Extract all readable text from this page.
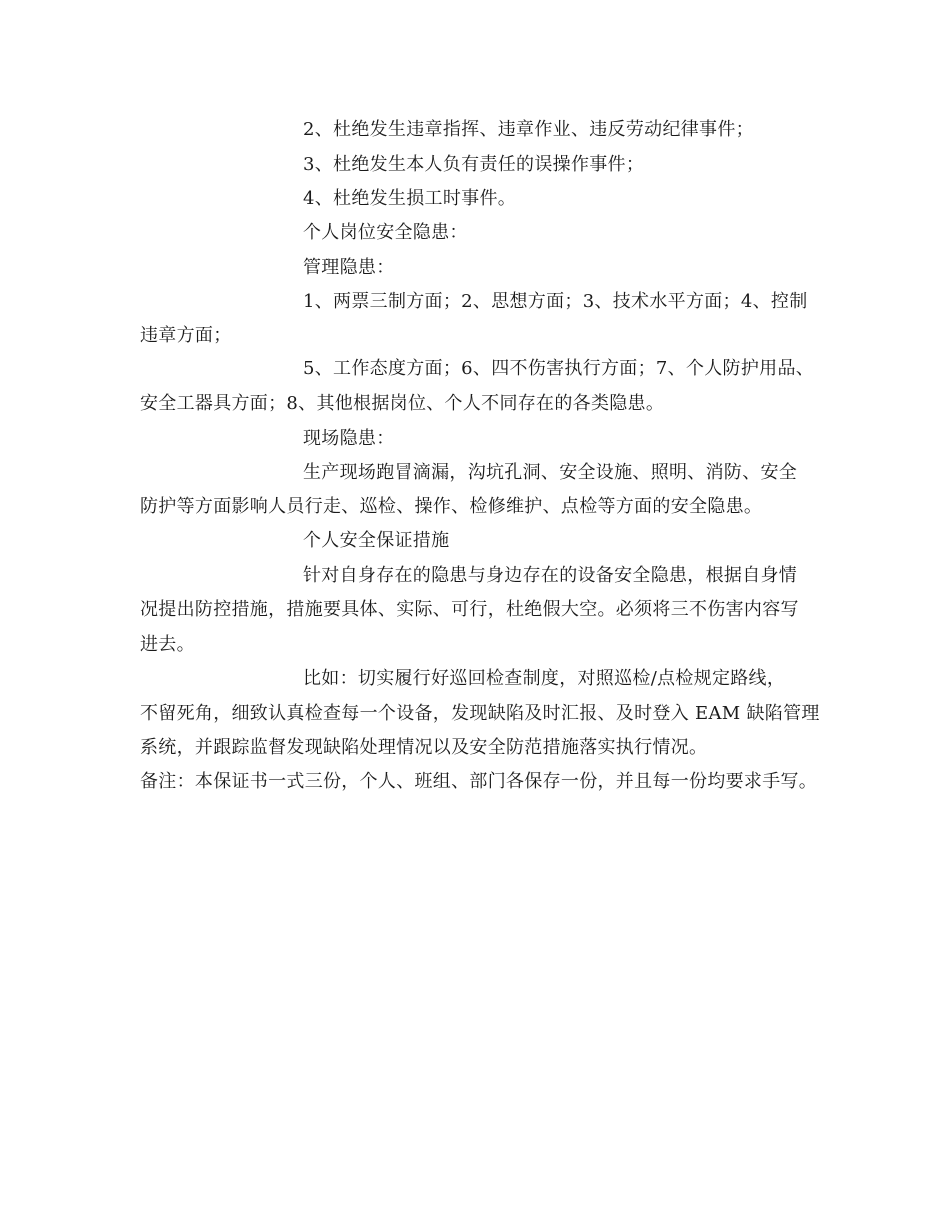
2、杜绝发生违章指挥、违章作业、违反劳动纪律事件；
3、杜绝发生本人负有责任的误操作事件；
4、杜绝发生损工时事件。
个人岗位安全隐患：
管理隐患：
1、两票三制方面；2、思想方面；3、技术水平方面；4、控制
违章方面；
5、工作态度方面；6、四不伤害执行方面；7、个人防护用品、
安全工器具方面；8、其他根据岗位、个人不同存在的各类隐患。
现场隐患：
生产现场跑冒滴漏，沟坑孔洞、安全设施、照明、消防、安全
防护等方面影响人员行走、巡检、操作、检修维护、点检等方面的安全隐患。
个人安全保证措施
针对自身存在的隐患与身边存在的设备安全隐患，根据自身情
况提出防控措施，措施要具体、实际、可行，杜绝假大空。必须将三不伤害内容写
进去。
比如：切实履行好巡回检查制度，对照巡检/点检规定路线，
不留死角，细致认真检查每一个设备，发现缺陷及时汇报、及时登入 EAM 缺陷管理
系统，并跟踪监督发现缺陷处理情况以及安全防范措施落实执行情况。
备注：本保证书一式三份，个人、班组、部门各保存一份，并且每一份均要求手写。
